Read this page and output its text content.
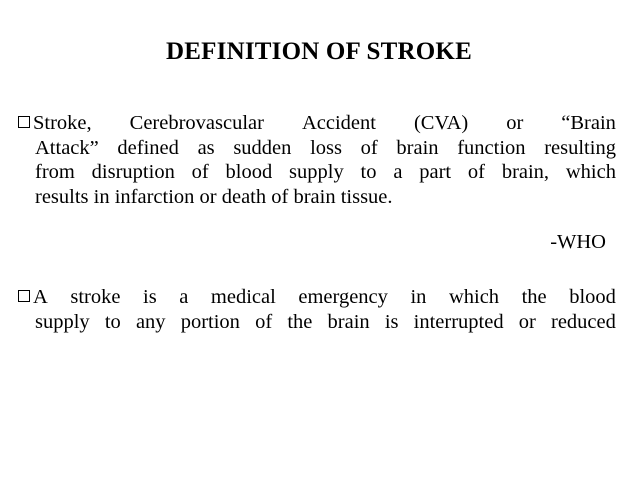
DEFINITION OF STROKE
Stroke, Cerebrovascular Accident (CVA) or “Brain
Attack” defined as sudden loss of brain function resulting
from disruption of blood supply to a part of brain, which
results in infarction or death of brain tissue.
-WHO
A stroke is a medical emergency in which the blood
supply to any portion of the brain is interrupted or reduced
